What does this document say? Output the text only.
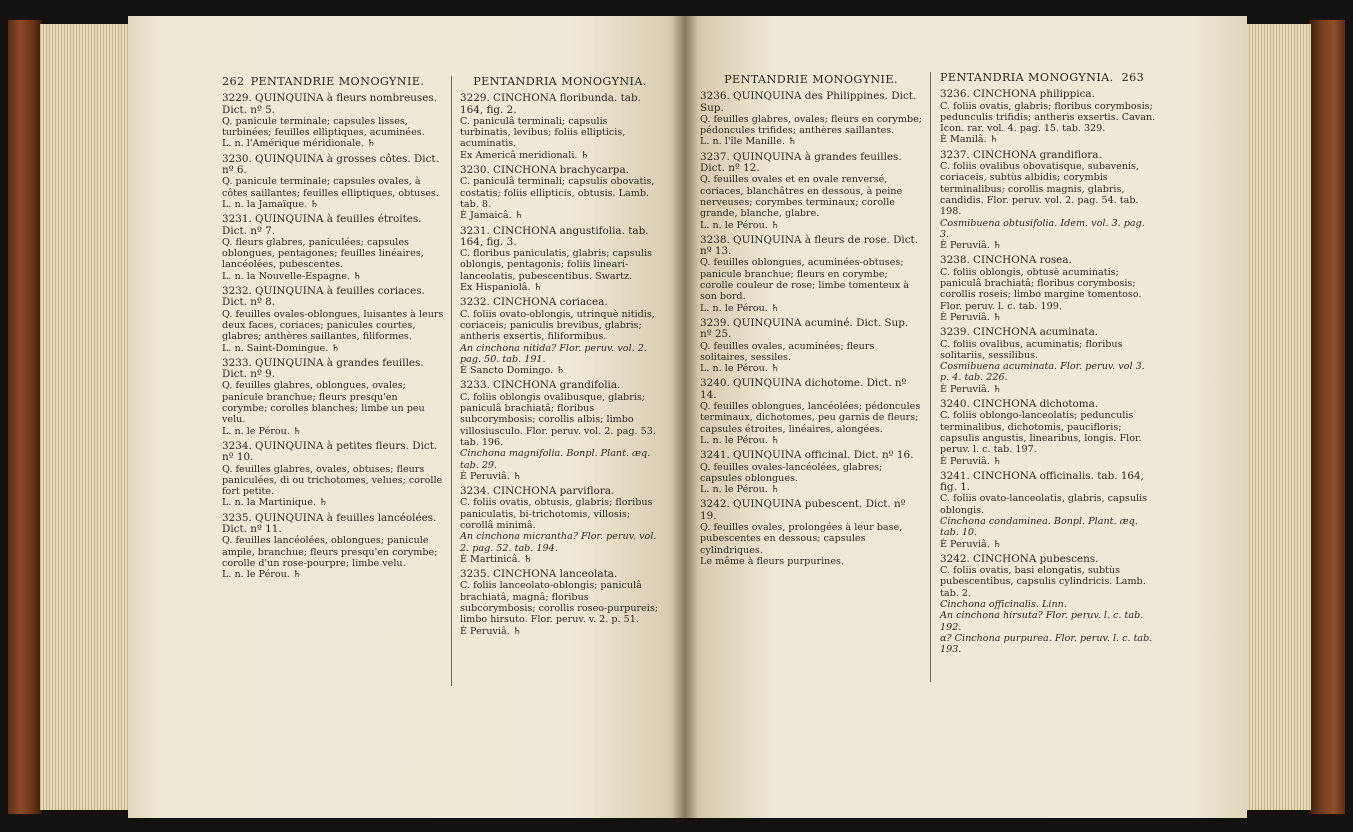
262 PENTANDRIE MONOGYNIE.

3229. QUINQUINA à fleurs nombreuses. Dict. nº 5.

Q. panicule terminale; capsules lisses, turbinées; feuilles elliptiques, acuminées.

L. n. l'Amérique méridionale. ♄

3230. QUINQUINA à grosses côtes. Dict. nº 6.

Q. panicule terminale; capsules ovales, à côtes saillantes; feuilles elliptiques, obtuses.

L. n. la Jamaïque. ♄

3231. QUINQUINA à feuilles étroites. Dict. nº 7.

Q. fleurs glabres, paniculées; capsules oblongues, pentagones; feuilles linéaires, lancéolées, pubescentes.

L. n. la Nouvelle-Espagne. ♄

3232. QUINQUINA à feuilles coriaces. Dict. nº 8.

Q. feuilles ovales-oblongues, luisantes à leurs deux faces, coriaces; panicules courtes, glabres; anthères saillantes, filiformes.

L. n. Saint-Domingue. ♄

3233. QUINQUINA à grandes feuilles. Dict. nº 9.

Q. feuilles glabres, oblongues, ovales; panicule branchue; fleurs presqu'en corymbe; corolles blanches; limbe un peu velu.

L. n. le Pérou. ♄

3234. QUINQUINA à petites fleurs. Dict. nº 10.

Q. feuilles glabres, ovales, obtuses; fleurs paniculées, di ou trichotomes, velues; corolle fort petite.

L. n. la Martinique. ♄

3235. QUINQUINA à feuilles lancéolées. Dict. nº 11.

Q. feuilles lancéolées, oblongues; panicule ample, branchue; fleurs presqu'en corymbe; corolle d'un rose-pourpre; limbe velu.

L. n. le Pérou. ♄

PENTANDRIA MONOGYNIA.

3229. CINCHONA floribunda. tab. 164, fig. 2.

C. paniculâ terminali; capsulis turbinatis, levibus; foliis ellipticis, acuminatis.

Ex Americâ meridionali. ♄

3230. CINCHONA brachycarpa.

C. paniculâ terminali; capsulis obovatis, costatis; foliis ellipticis, obtusis. Lamb. tab. 8.

È Jamaicâ. ♄

3231. CINCHONA angustifolia. tab. 164, fig. 3.

C. floribus paniculatis, glabris; capsulis oblongis, pentagonis; foliis lineari-lanceolatis, pubescentibus. Swartz.

Ex Hispaniolâ. ♄

3232. CINCHONA coriacea.

C. foliis ovato-oblongis, utrinquè nitidis, coriaceis; paniculis brevibus, glabris; antheris exsertis, filiformibus.

An cinchona nitida? Flor. peruv. vol. 2. pag. 50. tab. 191.

È Sancto Domingo. ♄

3233. CINCHONA grandifolia.

C. foliis oblongis ovalibusque, glabris; paniculâ brachiatâ; floribus subcorymbosis; corollis albis; limbo villosiusculo. Flor. peruv. vol. 2. pag. 53. tab. 196.

Cinchona magnifolia. Bonpl. Plant. æq. tab. 29.

È Peruviâ. ♄

3234. CINCHONA parviflora.

C. foliis ovatis, obtusis, glabris; floribus paniculatis, bi-trichotomis, villosis; corollâ minimâ.

An cinchona micrantha? Flor. peruv. vol. 2. pag. 52. tab. 194.

È Martinicâ. ♄

3235. CINCHONA lanceolata.

C. foliis lanceolato-oblongis; paniculâ brachiatâ, magnâ; floribus subcorymbosis; corollis roseo-purpureis; limbo hirsuto. Flor. peruv. v. 2. p. 51.

È Peruviâ. ♄

PENTANDRIE MONOGYNIE.

3236. QUINQUINA des Philippines. Dict. Sup.

Q. feuilles glabres, ovales; fleurs en corymbe; pédoncules trifides; anthères saillantes.

L. n. l'île Manille. ♄

3237. QUINQUINA à grandes feuilles. Dict. nº 12.

Q. feuilles ovales et en ovale renversé, coriaces, blanchâtres en dessous, à peine nerveuses; corymbes terminaux; corolle grande, blanche, glabre.

L. n. le Pérou. ♄

3238. QUINQUINA à fleurs de rose. Dict. nº 13.

Q. feuilles oblongues, acuminées-obtuses; panicule branchue; fleurs en corymbe; corolle couleur de rose; limbe tomenteux à son bord.

L. n. le Pérou. ♄

3239. QUINQUINA acuminé. Dict. Sup. nº 25.

Q. feuilles ovales, acuminées; fleurs solitaires, sessiles.

L. n. le Pérou. ♄

3240. QUINQUINA dichotome. Dict. nº 14.

Q. feuilles oblongues, lancéolées; pédoncules terminaux, dichotomes, peu garnis de fleurs; capsules étroites, linéaires, alongées.

L. n. le Pérou. ♄

3241. QUINQUINA officinal. Dict. nº 16.

Q. feuilles ovales-lancéolées, glabres; capsules oblongues.

L. n. le Pérou. ♄

3242. QUINQUINA pubescent. Dict. nº 19.

Q. feuilles ovales, prolongées à leur base, pubescentes en dessous; capsules cylindriques.

Le même à fleurs purpurines.

PENTANDRIA MONOGYNIA. 263

3236. CINCHONA philippica.

C. foliis ovatis, glabris; floribus corymbosis; pedunculis trifidis; antheris exsertis. Cavan. Icon. rar. vol. 4. pag. 15. tab. 329.

È Manilâ. ♄

3237. CINCHONA grandiflora.

C. foliis ovalibus obovatisque, subavenis, coriaceis, subtùs albidis; corymbis terminalibus; corollis magnis, glabris, candidis. Flor. peruv. vol. 2. pag. 54. tab. 198.

Cosmibuena obtusifolia. Idem. vol. 3. pag. 3.

È Peruviâ. ♄

3238. CINCHONA rosea.

C. foliis oblongis, obtusè acuminatis; paniculâ brachiatâ; floribus corymbosis; corollis roseis; limbo margine tomentoso. Flor. peruv. l. c. tab. 199.

È Peruviâ. ♄

3239. CINCHONA acuminata.

C. foliis ovalibus, acuminatis; floribus solitariis, sessilibus.

Cosmibuena acuminata. Flor. peruv. vol 3. p. 4. tab. 226.

È Peruviâ. ♄

3240. CINCHONA dichotoma.

C. foliis oblongo-lanceolatis; pedunculis terminalibus, dichotomis, paucifloris; capsulis angustis, linearibus, longis. Flor. peruv. l. c. tab. 197.

È Peruviâ. ♄

3241. CINCHONA officinalis. tab. 164, fig. 1.

C. foliis ovato-lanceolatis, glabris, capsulis oblongis.

Cinchona condaminea. Bonpl. Plant. æq. tab. 10.

È Peruviâ. ♄

3242. CINCHONA pubescens.

C. foliis ovatis, basi elongatis, subtùs pubescentibus, capsulis cylindricis. Lamb. tab. 2.

Cinchona officinalis. Linn.

An cinchona hirsuta? Flor. peruv. l. c. tab. 192.

α? Cinchona purpurea. Flor. peruv. l. c. tab. 193.
